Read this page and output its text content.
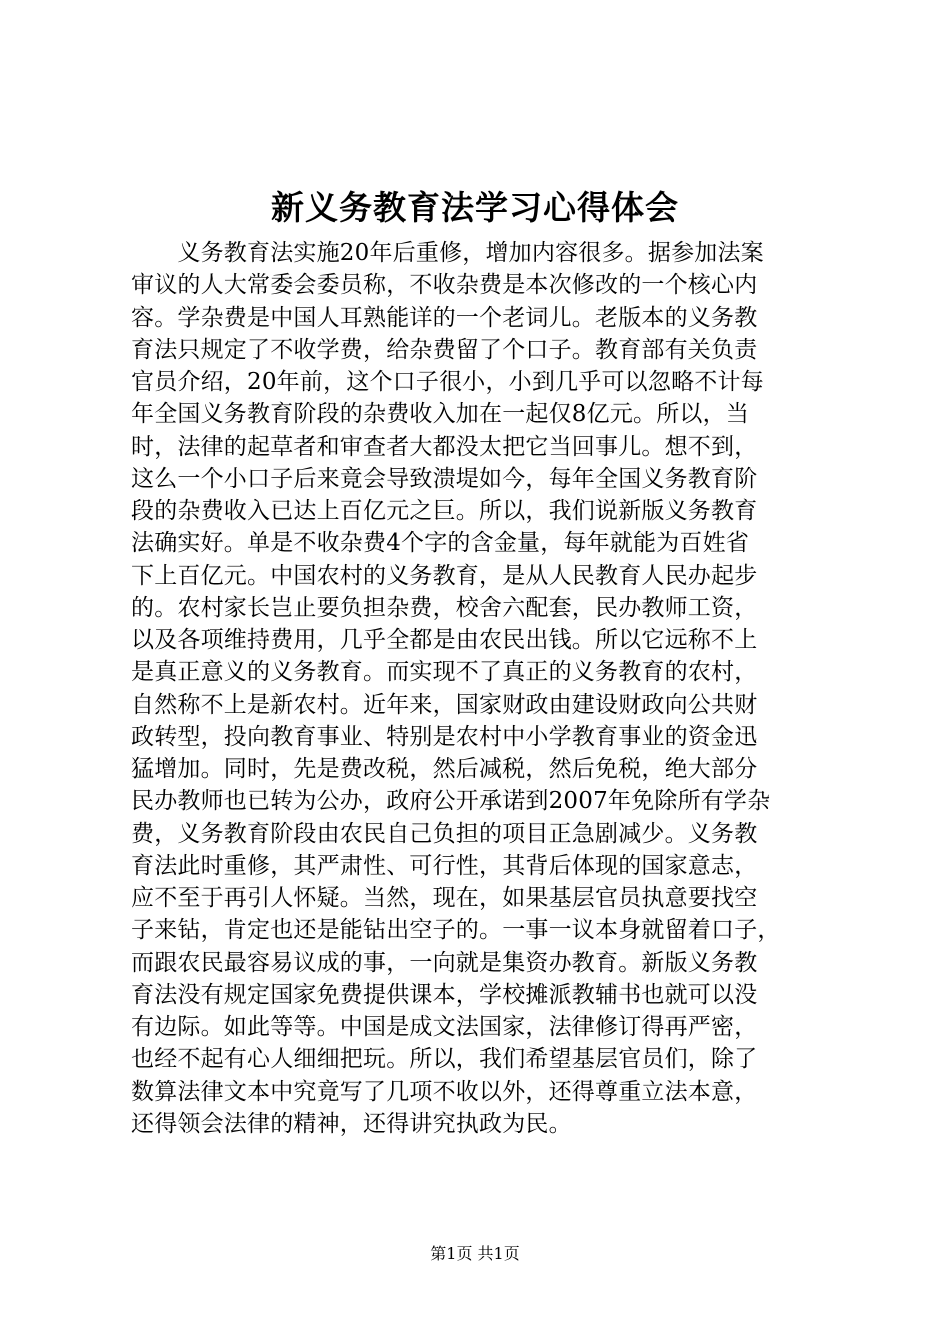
新义务教育法学习心得体会
　　义务教育法实施20年后重修，增加内容很多。据参加法案
审议的人大常委会委员称，不收杂费是本次修改的一个核心内
容。学杂费是中国人耳熟能详的一个老词儿。老版本的义务教
育法只规定了不收学费，给杂费留了个口子。教育部有关负责
官员介绍，20年前，这个口子很小，小到几乎可以忽略不计每
年全国义务教育阶段的杂费收入加在一起仅8亿元。所以，当
时，法律的起草者和审查者大都没太把它当回事儿。想不到，
这么一个小口子后来竟会导致溃堤如今，每年全国义务教育阶
段的杂费收入已达上百亿元之巨。所以，我们说新版义务教育
法确实好。单是不收杂费4个字的含金量，每年就能为百姓省
下上百亿元。中国农村的义务教育，是从人民教育人民办起步
的。农村家长岂止要负担杂费，校舍六配套，民办教师工资，
以及各项维持费用，几乎全都是由农民出钱。所以它远称不上
是真正意义的义务教育。而实现不了真正的义务教育的农村，
自然称不上是新农村。近年来，国家财政由建设财政向公共财
政转型，投向教育事业、特别是农村中小学教育事业的资金迅
猛增加。同时，先是费改税，然后减税，然后免税，绝大部分
民办教师也已转为公办，政府公开承诺到2007年免除所有学杂
费，义务教育阶段由农民自己负担的项目正急剧减少。义务教
育法此时重修，其严肃性、可行性，其背后体现的国家意志，
应不至于再引人怀疑。当然，现在，如果基层官员执意要找空
子来钻，肯定也还是能钻出空子的。一事一议本身就留着口子，
而跟农民最容易议成的事，一向就是集资办教育。新版义务教
育法没有规定国家免费提供课本，学校摊派教辅书也就可以没
有边际。如此等等。中国是成文法国家，法律修订得再严密，
也经不起有心人细细把玩。所以，我们希望基层官员们，除了
数算法律文本中究竟写了几项不收以外，还得尊重立法本意，
还得领会法律的精神，还得讲究执政为民。
第1页 共1页
